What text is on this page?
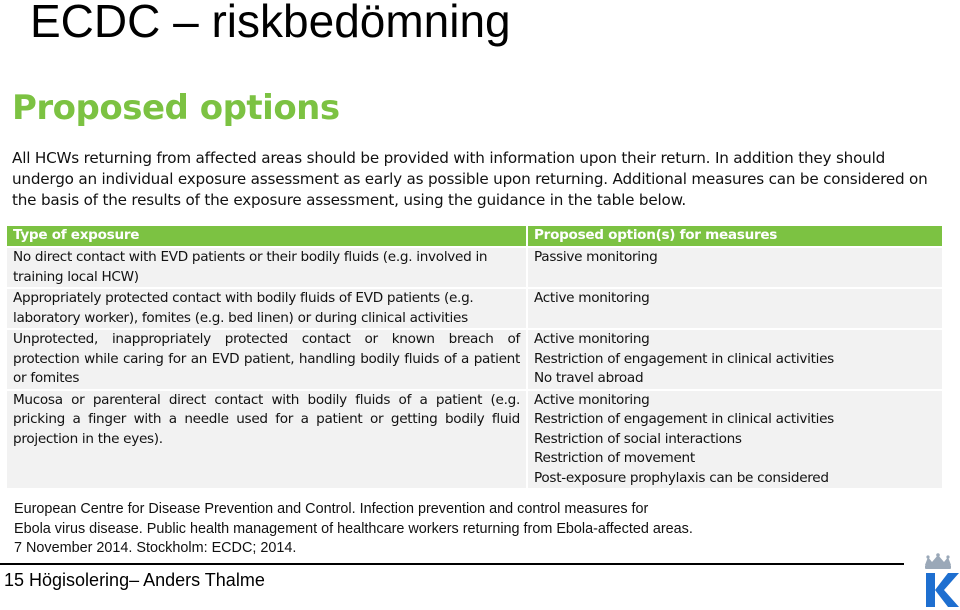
ECDC – riskbedömning
Proposed options
All HCWs returning from affected areas should be provided with information upon their return. In addition they should undergo an individual exposure assessment as early as possible upon returning. Additional measures can be considered on the basis of the results of the exposure assessment, using the guidance in the table below.
Type of exposure	Proposed option(s) for measures
No direct contact with EVD patients or their bodily fluids (e.g. involved in training local HCW)	Passive monitoring

Appropriately protected contact with bodily fluids of EVD patients (e.g. laboratory worker), fomites (e.g. bed linen) or during clinical activities	Active monitoring

Unprotected, inappropriately protected contact or known breach of protection while caring for an EVD patient, handling bodily fluids of a patient or fomites	Active monitoring
Restriction of engagement in clinical activities
No travel abroad

Mucosa or parenteral direct contact with bodily fluids of a patient (e.g. pricking a finger with a needle used for a patient or getting bodily fluid projection in the eyes).	Active monitoring
Restriction of engagement in clinical activities
Restriction of social interactions
Restriction of movement
Post-exposure prophylaxis can be considered
European Centre for Disease Prevention and Control. Infection prevention and control measures for
Ebola virus disease. Public health management of healthcare workers returning from Ebola-affected areas.
7 November 2014. Stockholm: ECDC; 2014.
15 Högisolering– Anders Thalme
